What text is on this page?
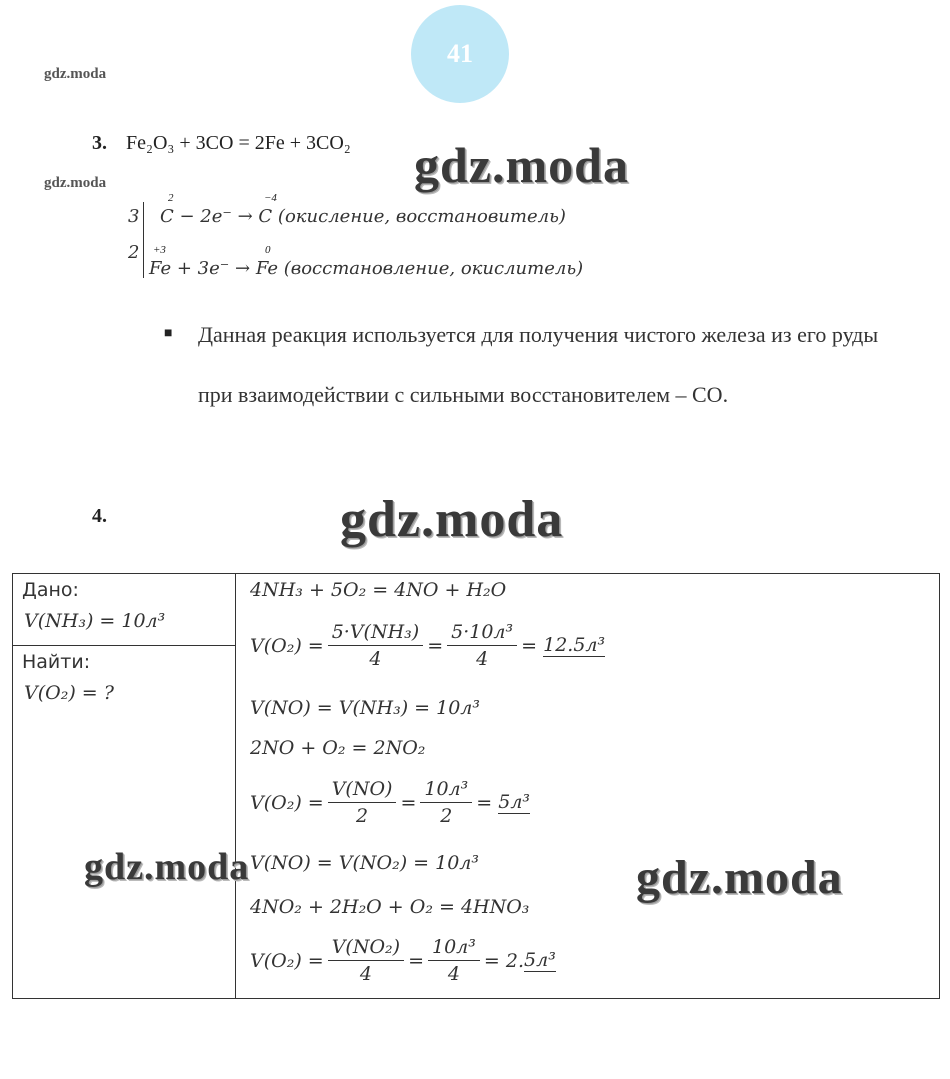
41
gdz.moda
gdz.moda
3. Fe₂O₃ + 3CO = 2Fe + 3CO₂ gdz.moda
3
2
2	−4
C − 2e⁻ → C (окисление, восстановитель)
+3	0
Fe + 3e⁻ → Fe (восстановление, окислитель)
■ Данная реакция используется для получения чистого железа из его руды при взаимодействии с сильными восстановителем – CO.
4.	gdz.moda
Дано:
V(NH₃) = 10л³
Найти:
V(O₂) = ?
4NH₃ + 5O₂ = 4NO + H₂O
$V(O_2) = \frac{\text{5·V(NH₃)}}{4} = \frac{\text{5·10л³}}{4} = 12.5л^3$
V(NO) = V(NH₃) = 10л³
2NO + O₂ = 2NO₂
$V(O_2) = \frac{V(NO)}{2} = \frac{\text{10л³}}{2} = 5л^3$
V(NO) = V(NO₂) = 10л³
4NO₂ + 2H₂O + O₂ = 4HNO₃
$V(O_2) = \frac{\text{V(NO₂)}}{4} = \frac{\text{10л³}}{4} = 2$. 5л³
gdz.moda	gdz.moda
